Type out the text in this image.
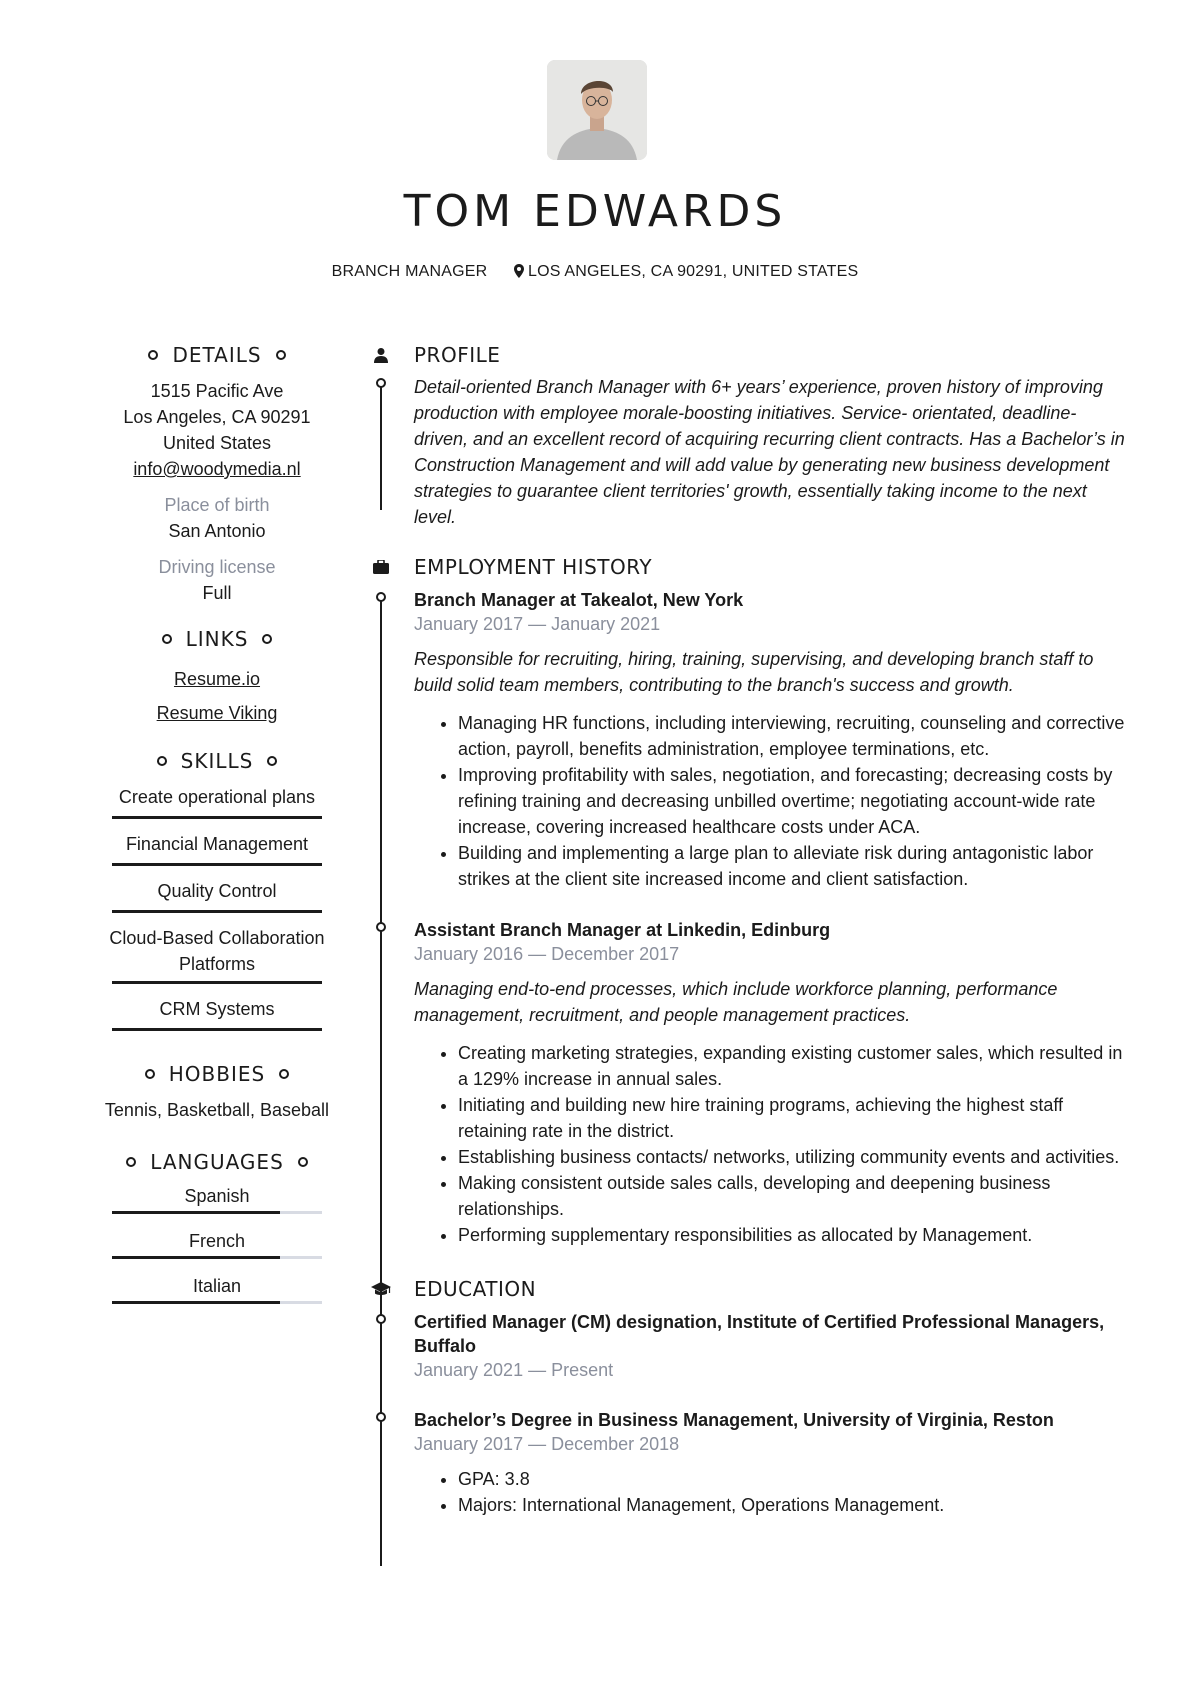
TOM EDWARDS
BRANCH MANAGER	LOS ANGELES, CA 90291, UNITED STATES
DETAILS

1515 Pacific Ave

Los Angeles, CA 90291

United States

info@woodymedia.nl

Place of birth

San Antonio

Driving license

Full

LINKS

Resume.io

Resume Viking

SKILLS
Create operational plans
Financial Management
Quality Control
Cloud-Based Collaboration Platforms
CRM Systems
HOBBIES

Tennis, Basketball, Baseball

LANGUAGES
Spanish
French
Italian
PROFILE

Detail-oriented Branch Manager with 6+ years’ experience, proven history of improving production with employee morale-boosting initiatives. Service- orientated, deadline-driven, and an excellent record of acquiring recurring client contracts. Has a Bachelor’s in Construction Management and will add value by generating new business development strategies to guarantee client territories' growth, essentially taking income to the next level.

EMPLOYMENT HISTORY

Branch Manager at Takealot, New York

January 2017 — January 2021

Responsible for recruiting, hiring, training, supervising, and developing branch staff to build solid team members, contributing to the branch's success and growth.

• Managing HR functions, including interviewing, recruiting, counseling and corrective action, payroll, benefits administration, employee terminations, etc.
• Improving profitability with sales, negotiation, and forecasting; decreasing costs by refining training and decreasing unbilled overtime; negotiating account-wide rate increase, covering increased healthcare costs under ACA.
• Building and implementing a large plan to alleviate risk during antagonistic labor strikes at the client site increased income and client satisfaction.

Assistant Branch Manager at Linkedin, Edinburg

January 2016 — December 2017

Managing end-to-end processes, which include workforce planning, performance management, recruitment, and people management practices.

• Creating marketing strategies, expanding existing customer sales, which resulted in a 129% increase in annual sales.
• Initiating and building new hire training programs, achieving the highest staff retaining rate in the district.
• Establishing business contacts/ networks, utilizing community events and activities.
• Making consistent outside sales calls, developing and deepening business relationships.
• Performing supplementary responsibilities as allocated by Management.
EDUCATION

Certified Manager (CM) designation, Institute of Certified Professional Managers, Buffalo

January 2021 — Present

Bachelor’s Degree in Business Management, University of Virginia, Reston

January 2017 — December 2018

• GPA: 3.8
• Majors: International Management, Operations Management.
